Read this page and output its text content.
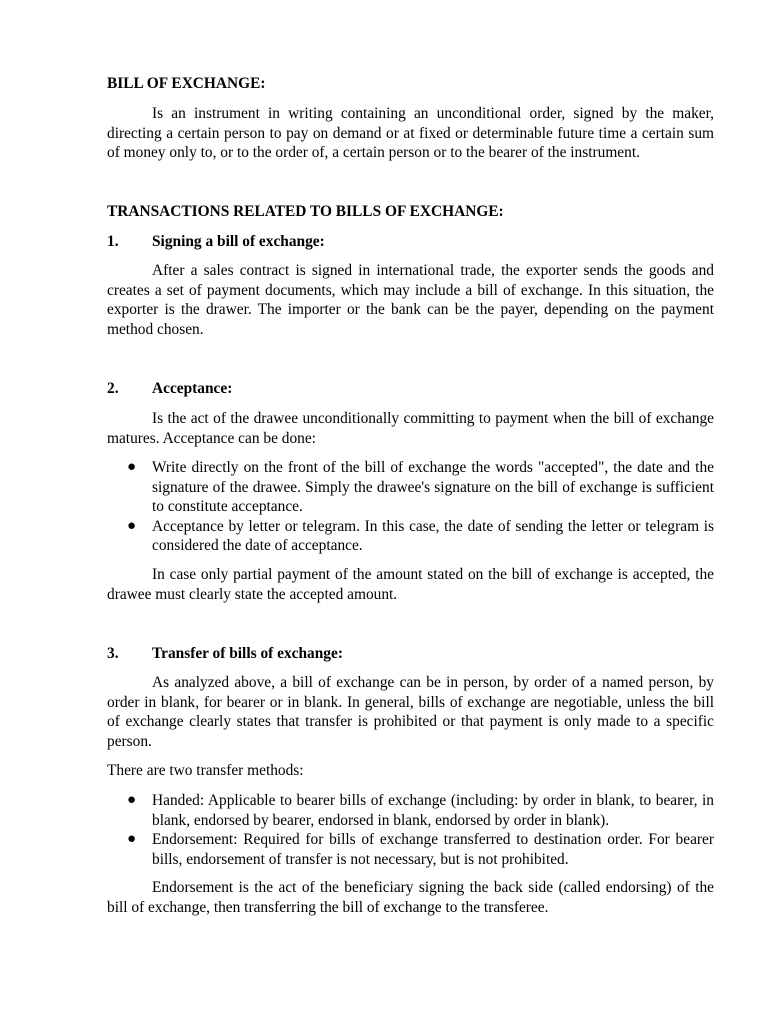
BILL OF EXCHANGE:

Is an instrument in writing containing an unconditional order, signed by the maker, directing a certain person to pay on demand or at fixed or determinable future time a certain sum of money only to, or to the order of, a certain person or to the bearer of the instrument.

TRANSACTIONS RELATED TO BILLS OF EXCHANGE:

1. Signing a bill of exchange:

After a sales contract is signed in international trade, the exporter sends the goods and creates a set of payment documents, which may include a bill of exchange. In this situation, the exporter is the drawer. The importer or the bank can be the payer, depending on the payment method chosen.

2. Acceptance:

Is the act of the drawee unconditionally committing to payment when the bill of exchange matures. Acceptance can be done:

● Write directly on the front of the bill of exchange the words "accepted", the date and the signature of the drawee. Simply the drawee's signature on the bill of exchange is sufficient to constitute acceptance.
● Acceptance by letter or telegram. In this case, the date of sending the letter or telegram is considered the date of acceptance.

In case only partial payment of the amount stated on the bill of exchange is accepted, the drawee must clearly state the accepted amount.

3. Transfer of bills of exchange:

As analyzed above, a bill of exchange can be in person, by order of a named person, by order in blank, for bearer or in blank. In general, bills of exchange are negotiable, unless the bill of exchange clearly states that transfer is prohibited or that payment is only made to a specific person.

There are two transfer methods:

● Handed: Applicable to bearer bills of exchange (including: by order in blank, to bearer, in blank, endorsed by bearer, endorsed in blank, endorsed by order in blank).
● Endorsement: Required for bills of exchange transferred to destination order. For bearer bills, endorsement of transfer is not necessary, but is not prohibited.

Endorsement is the act of the beneficiary signing the back side (called endorsing) of the bill of exchange, then transferring the bill of exchange to the transferee.
